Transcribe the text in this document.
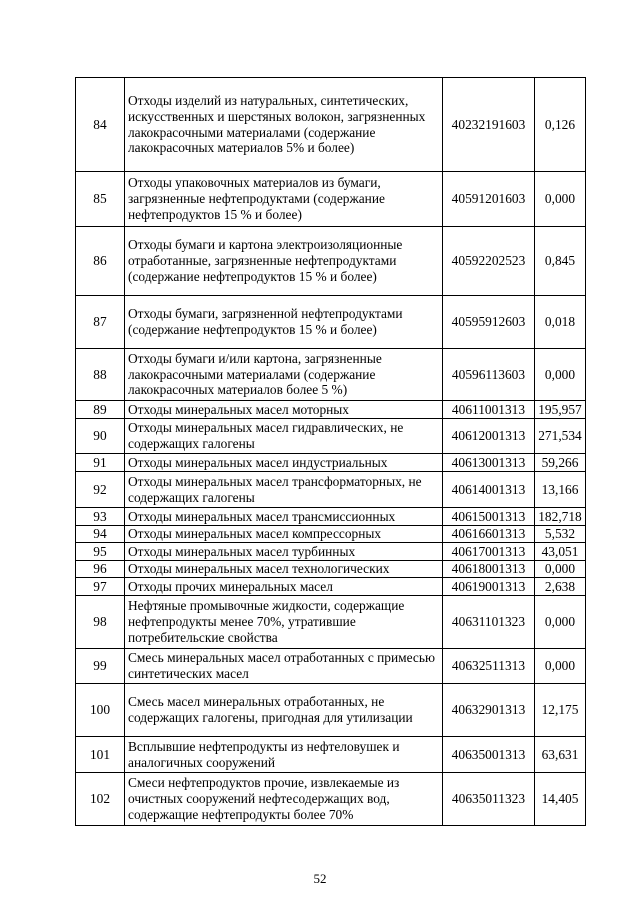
84	Отходы изделий из натуральных, синтетических, искусственных и шерстяных волокон, загрязненных лакокрасочными материалами (содержание лакокрасочных материалов 5% и более)	40232191603	0,126
85	Отходы упаковочных материалов из бумаги, загрязненные нефтепродуктами (содержание нефтепродуктов 15 % и более)	40591201603	0,000
86	Отходы бумаги и картона электроизоляционные отработанные, загрязненные нефтепродуктами (содержание нефтепродуктов 15 % и более)	40592202523	0,845
87	Отходы бумаги, загрязненной нефтепродуктами (содержание нефтепродуктов 15 % и более)	40595912603	0,018
88	Отходы бумаги и/или картона, загрязненные лакокрасочными материалами (содержание лакокрасочных материалов более 5 %)	40596113603	0,000
89	Отходы минеральных масел моторных	40611001313	195,957
90	Отходы минеральных масел гидравлических, не содержащих галогены	40612001313	271,534
91	Отходы минеральных масел индустриальных	40613001313	59,266
92	Отходы минеральных масел трансформаторных, не содержащих галогены	40614001313	13,166
93	Отходы минеральных масел трансмиссионных	40615001313	182,718
94	Отходы минеральных масел компрессорных	40616601313	5,532
95	Отходы минеральных масел турбинных	40617001313	43,051
96	Отходы минеральных масел технологических	40618001313	0,000
97	Отходы прочих минеральных масел	40619001313	2,638
98	Нефтяные промывочные жидкости, содержащие нефтепродукты менее 70%, утратившие потребительские свойства	40631101323	0,000
99	Смесь минеральных масел отработанных с примесью синтетических масел	40632511313	0,000
100	Смесь масел минеральных отработанных, не содержащих галогены, пригодная для утилизации	40632901313	12,175
101	Всплывшие нефтепродукты из нефтеловушек и аналогичных сооружений	40635001313	63,631
102	Смеси нефтепродуктов прочие, извлекаемые из очистных сооружений нефтесодержащих вод, содержащие нефтепродукты более 70%	40635011323	14,405
52
